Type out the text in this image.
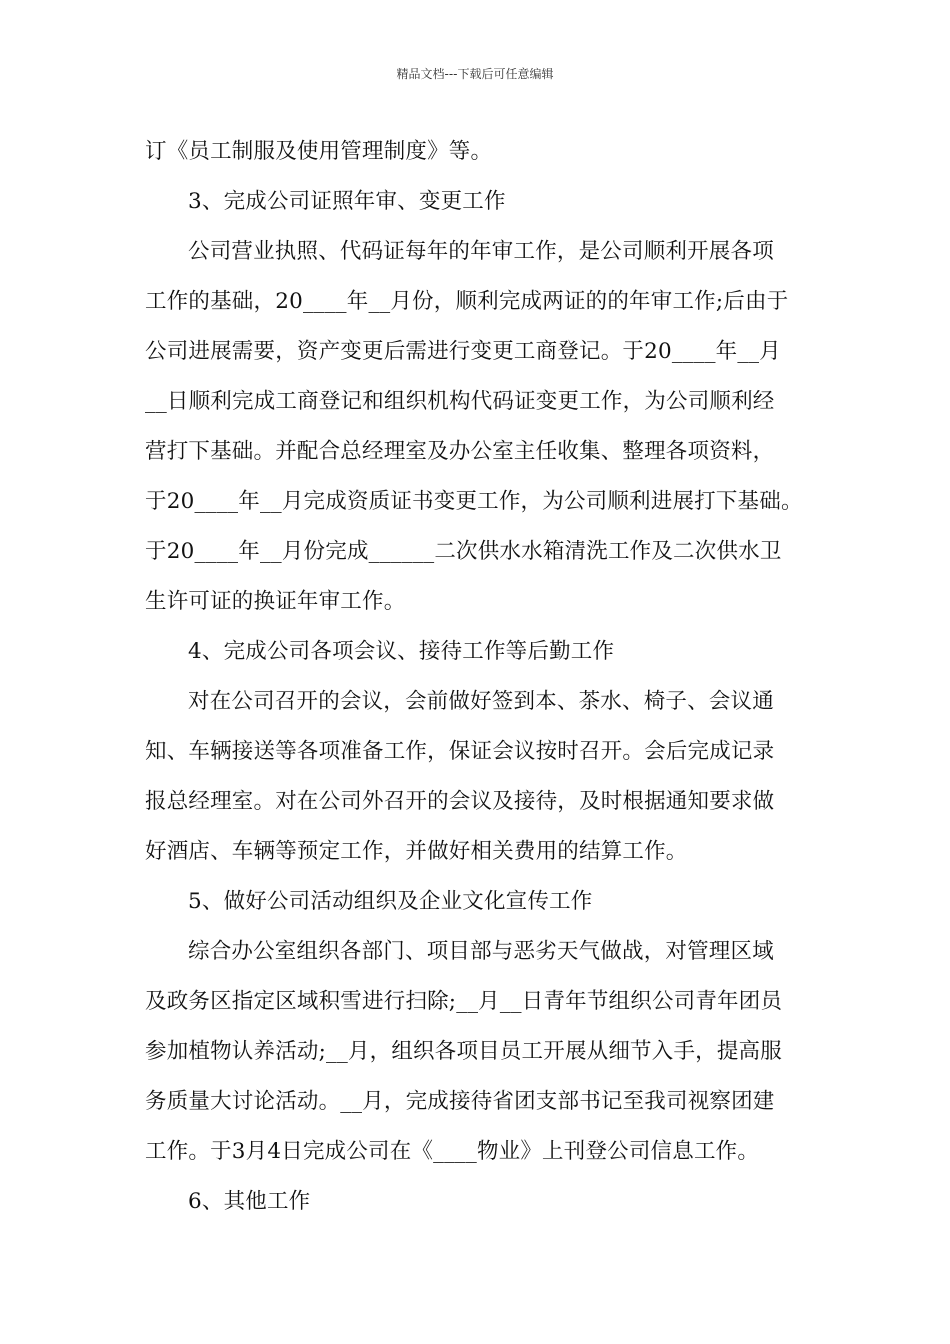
精品文档---下载后可任意编辑
订《员工制服及使用管理制度》等。
3、完成公司证照年审、变更工作
公司营业执照、代码证每年的年审工作，是公司顺利开展各项
工作的基础，20____年__月份，顺利完成两证的的年审工作;后由于
公司进展需要，资产变更后需进行变更工商登记。于20____年__月
__日顺利完成工商登记和组织机构代码证变更工作，为公司顺利经
营打下基础。并配合总经理室及办公室主任收集、整理各项资料，
于20____年__月完成资质证书变更工作，为公司顺利进展打下基础。
于20____年__月份完成______二次供水水箱清洗工作及二次供水卫
生许可证的换证年审工作。
4、完成公司各项会议、接待工作等后勤工作
对在公司召开的会议，会前做好签到本、茶水、椅子、会议通
知、车辆接送等各项准备工作，保证会议按时召开。会后完成记录
报总经理室。对在公司外召开的会议及接待，及时根据通知要求做
好酒店、车辆等预定工作，并做好相关费用的结算工作。
5、做好公司活动组织及企业文化宣传工作
综合办公室组织各部门、项目部与恶劣天气做战，对管理区域
及政务区指定区域积雪进行扫除;__月__日青年节组织公司青年团员
参加植物认养活动;__月，组织各项目员工开展从细节入手，提高服
务质量大讨论活动。__月，完成接待省团支部书记至我司视察团建
工作。于3月4日完成公司在《____物业》上刊登公司信息工作。
6、其他工作
